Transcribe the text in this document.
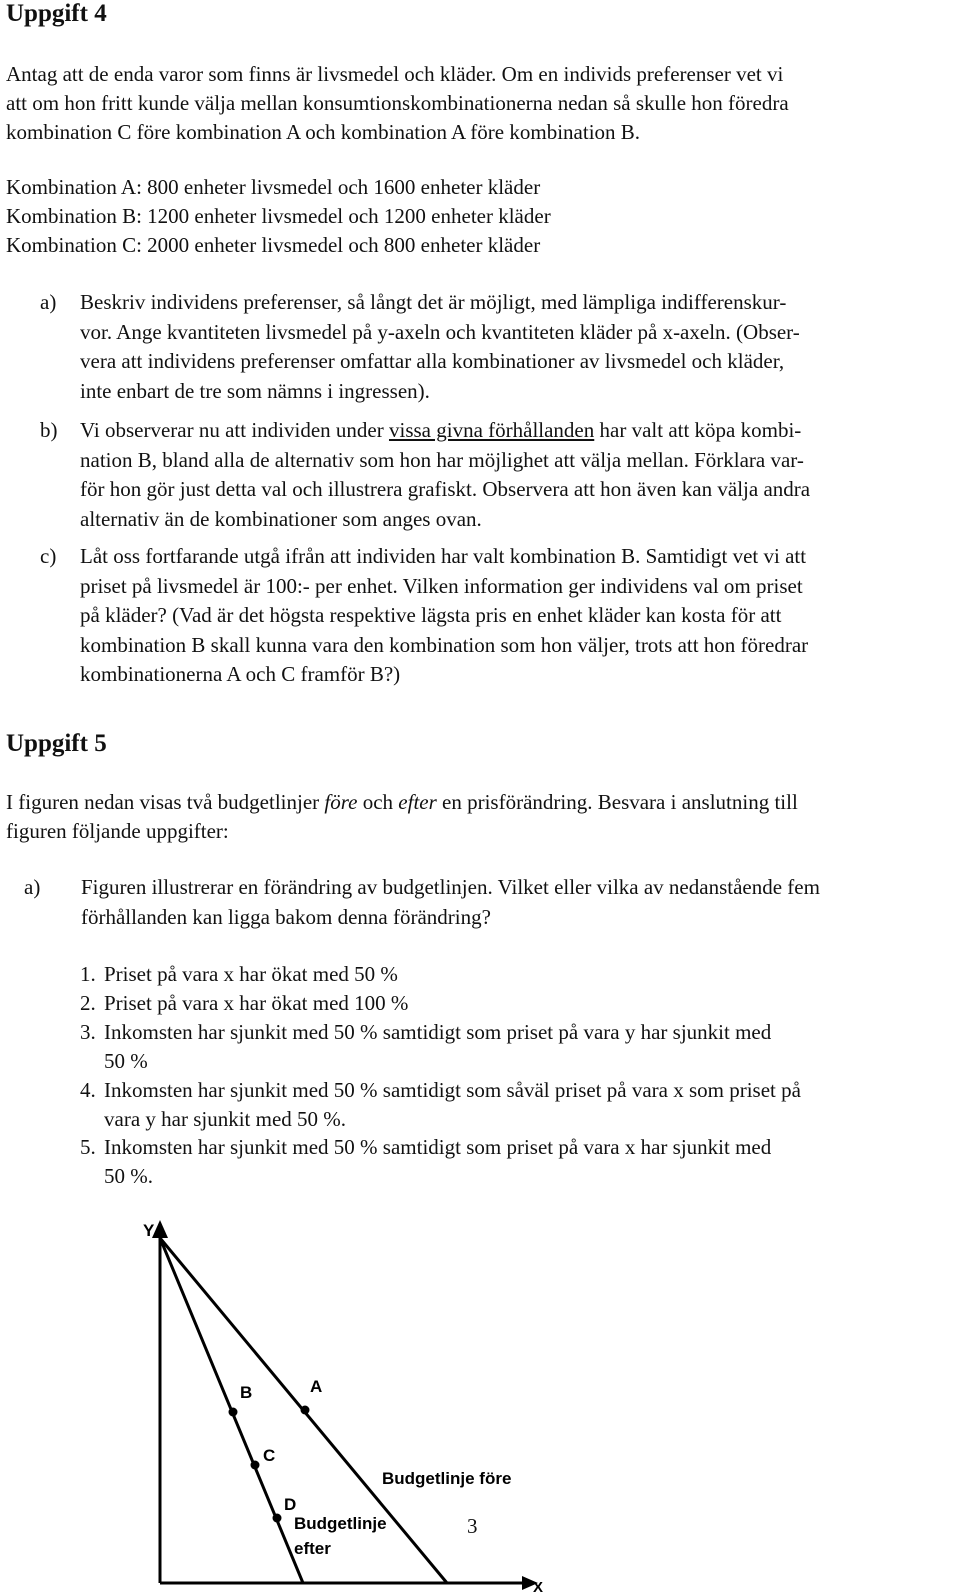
Uppgift 4
Antag att de enda varor som finns är livsmedel och kläder. Om en individs preferenser vet vi
att om hon fritt kunde välja mellan konsumtionskombinationerna nedan så skulle hon föredra
kombination C före kombination A och kombination A före kombination B.
Kombination A: 800 enheter livsmedel och 1600 enheter kläder
Kombination B: 1200 enheter livsmedel och 1200 enheter kläder
Kombination C: 2000 enheter livsmedel och 800 enheter kläder
a) Beskriv individens preferenser, så långt det är möjligt, med lämpliga indifferenskur-
vor. Ange kvantiteten livsmedel på y-axeln och kvantiteten kläder på x-axeln. (Obser-
vera att individens preferenser omfattar alla kombinationer av livsmedel och kläder,
inte enbart de tre som nämns i ingressen).
b) Vi observerar nu att individen under vissa givna förhållanden har valt att köpa kombi-
nation B, bland alla de alternativ som hon har möjlighet att välja mellan. Förklara var-
för hon gör just detta val och illustrera grafiskt. Observera att hon även kan välja andra
alternativ än de kombinationer som anges ovan.
c) Låt oss fortfarande utgå ifrån att individen har valt kombination B. Samtidigt vet vi att
priset på livsmedel är 100:- per enhet. Vilken information ger individens val om priset
på kläder? (Vad är det högsta respektive lägsta pris en enhet kläder kan kosta för att
kombination B skall kunna vara den kombination som hon väljer, trots att hon föredrar
kombinationerna A och C framför B?)
Uppgift 5
I figuren nedan visas två budgetlinjer före och efter en prisförändring. Besvara i anslutning till
figuren följande uppgifter:
a) Figuren illustrerar en förändring av budgetlinjen. Vilket eller vilka av nedanstående fem
förhållanden kan ligga bakom denna förändring?
1. Priset på vara x har ökat med 50 %
2. Priset på vara x har ökat med 100 %
3. Inkomsten har sjunkit med 50 % samtidigt som priset på vara y har sjunkit med
50 %
4. Inkomsten har sjunkit med 50 % samtidigt som såväl priset på vara x som priset på
vara y har sjunkit med 50 %.
5. Inkomsten har sjunkit med 50 % samtidigt som priset på vara x har sjunkit med
50 %.
Y
X
B	A
C
D
Budgetlinje före
Budgetlinje
efter
3
